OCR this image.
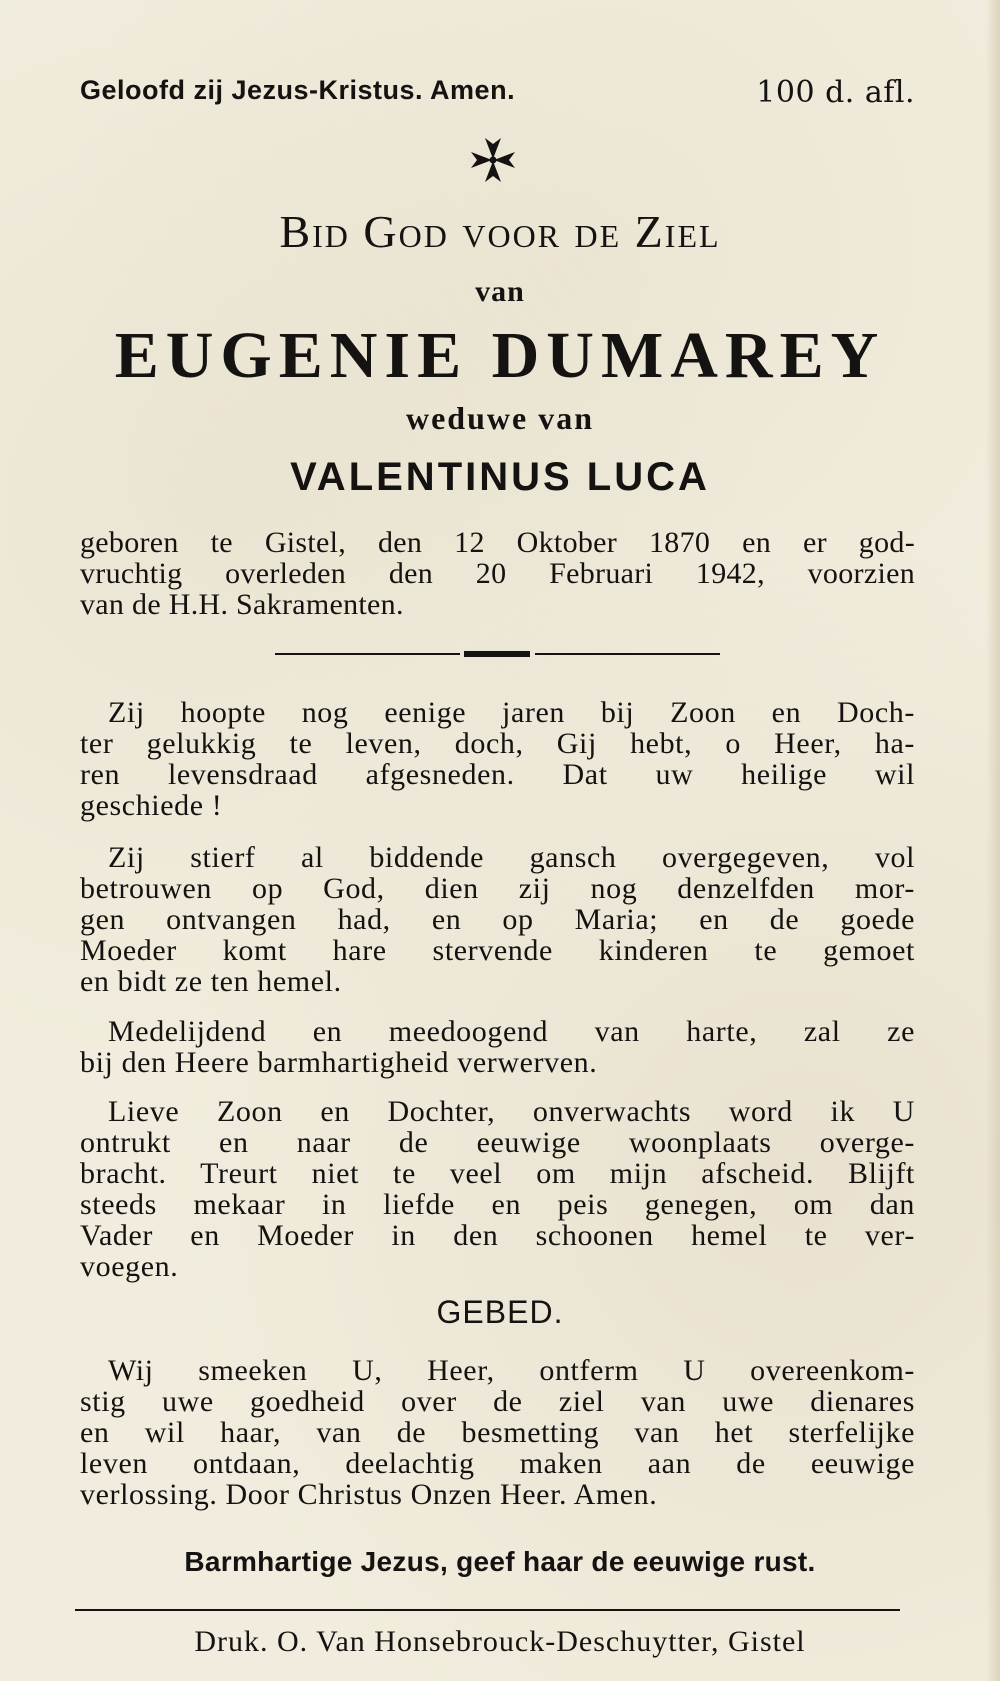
Geloofd zij Jezus-Kristus. Amen.	100 d. afl.
Bid God voor de Ziel
van
EUGENIE DUMAREY
weduwe van
VALENTINUS LUCA
geboren te Gistel, den 12 Oktober 1870 en er god-
vruchtig overleden den 20 Februari 1942, voorzien
van de H.H. Sakramenten.
Zij hoopte nog eenige jaren bij Zoon en Doch-
ter gelukkig te leven, doch, Gij hebt, o Heer, ha-
ren levensdraad afgesneden. Dat uw heilige wil
geschiede !
Zij stierf al biddende gansch overgegeven, vol
betrouwen op God, dien zij nog denzelfden mor-
gen ontvangen had, en op Maria; en de goede
Moeder komt hare stervende kinderen te gemoet
en bidt ze ten hemel.
Medelijdend en meedoogend van harte, zal ze
bij den Heere barmhartigheid verwerven.
Lieve Zoon en Dochter, onverwachts word ik U
ontrukt en naar de eeuwige woonplaats overge-
bracht. Treurt niet te veel om mijn afscheid. Blijft
steeds mekaar in liefde en peis genegen, om dan
Vader en Moeder in den schoonen hemel te ver-
voegen.
GEBED.
Wij smeeken U, Heer, ontferm U overeenkom-
stig uwe goedheid over de ziel van uwe dienares
en wil haar, van de besmetting van het sterfelijke
leven ontdaan, deelachtig maken aan de eeuwige
verlossing. Door Christus Onzen Heer. Amen.
Barmhartige Jezus, geef haar de eeuwige rust.
Druk. O. Van Honsebrouck-Deschuytter, Gistel
